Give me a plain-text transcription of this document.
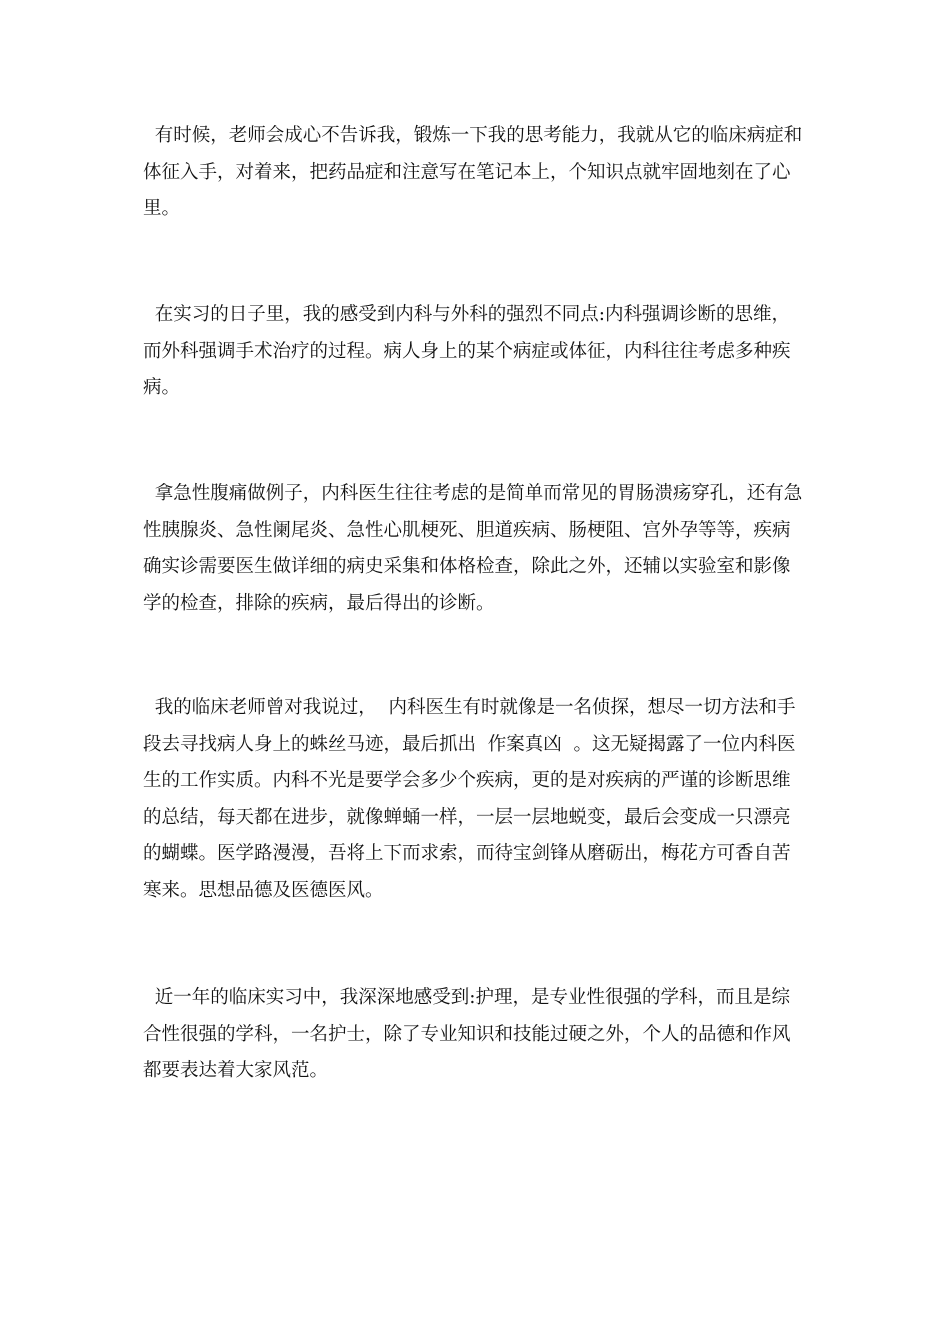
有时候，老师会成心不告诉我，锻炼一下我的思考能力，我就从它的临床病症和体征入手，对着来，把药品症和注意写在笔记本上，个知识点就牢固地刻在了心里。

在实习的日子里，我的感受到内科与外科的强烈不同点:内科强调诊断的思维，而外科强调手术治疗的过程。病人身上的某个病症或体征，内科往往考虑多种疾病。

拿急性腹痛做例子，内科医生往往考虑的是简单而常见的胃肠溃疡穿孔，还有急性胰腺炎、急性阑尾炎、急性心肌梗死、胆道疾病、肠梗阻、宫外孕等等，疾病确实诊需要医生做详细的病史采集和体格检查，除此之外，还辅以实验室和影像学的检查，排除的疾病，最后得出的诊断。

我的临床老师曾对我说过，  内科医生有时就像是一名侦探，想尽一切方法和手段去寻找病人身上的蛛丝马迹，最后抓出  作案真凶  。这无疑揭露了一位内科医生的工作实质。内科不光是要学会多少个疾病，更的是对疾病的严谨的诊断思维的总结，每天都在进步，就像蝉蛹一样，一层一层地蜕变，最后会变成一只漂亮的蝴蝶。医学路漫漫，吾将上下而求索，而待宝剑锋从磨砺出，梅花方可香自苦寒来。思想品德及医德医风。

近一年的临床实习中，我深深地感受到:护理，是专业性很强的学科，而且是综合性很强的学科，一名护士，除了专业知识和技能过硬之外，个人的品德和作风都要表达着大家风范。
